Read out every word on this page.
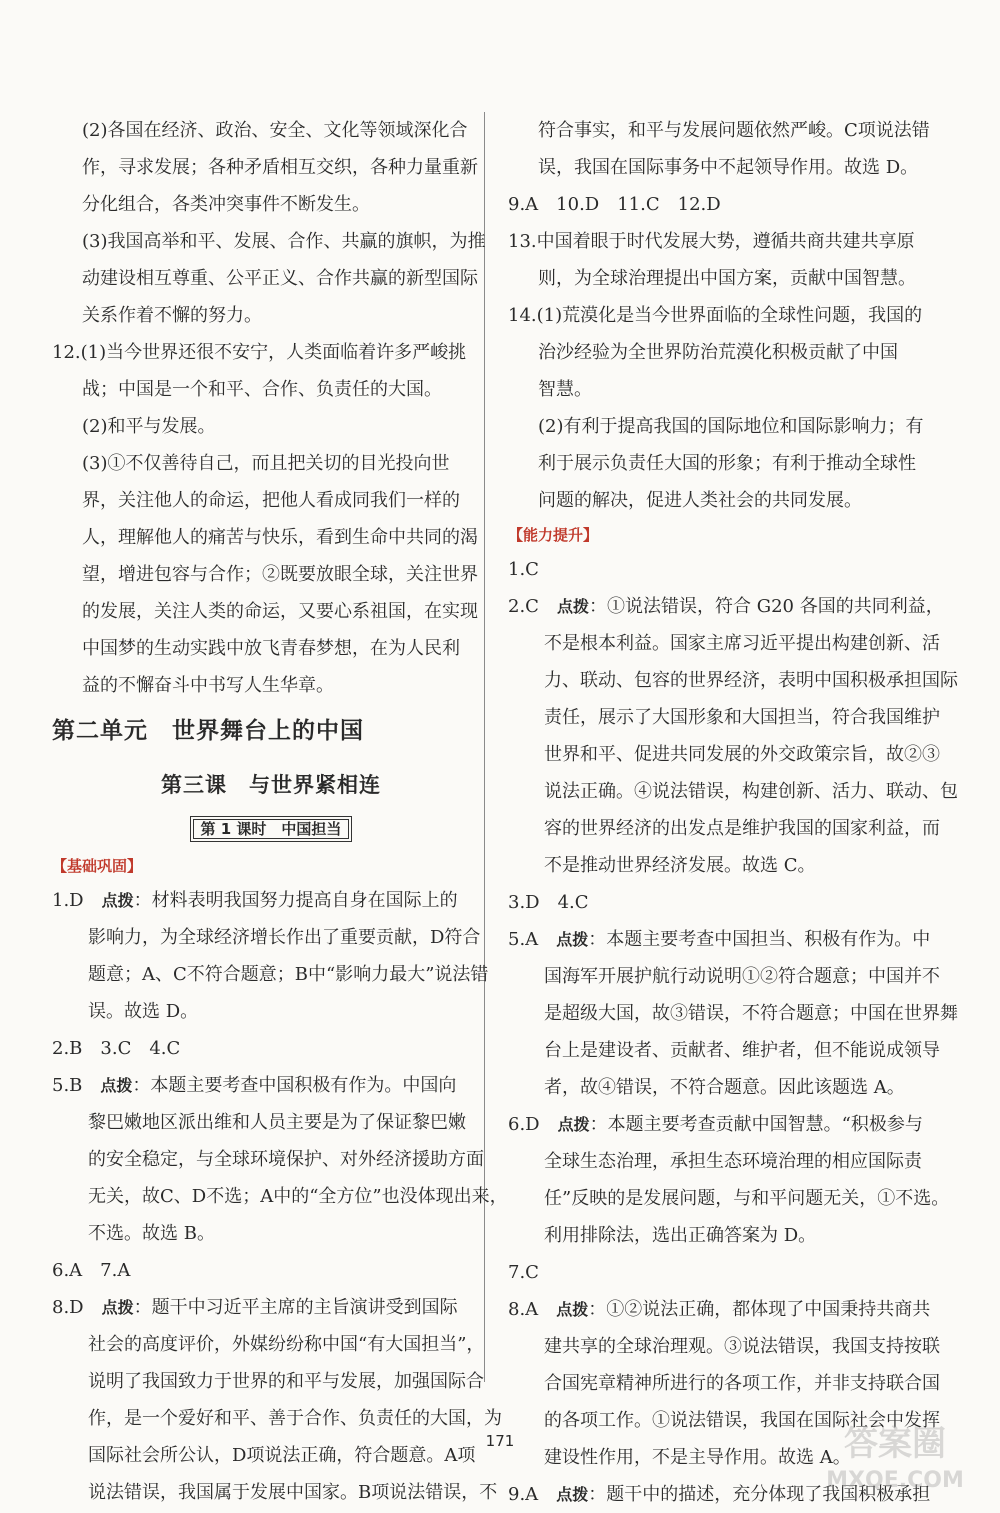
(2)各国在经济、政治、安全、文化等领域深化合
作，寻求发展；各种矛盾相互交织，各种力量重新
分化组合，各类冲突事件不断发生。
(3)我国高举和平、发展、合作、共赢的旗帜，为推
动建设相互尊重、公平正义、合作共赢的新型国际
关系作着不懈的努力。
12.(1)当今世界还很不安宁，人类面临着许多严峻挑
战；中国是一个和平、合作、负责任的大国。
(2)和平与发展。
(3)①不仅善待自己，而且把关切的目光投向世
界，关注他人的命运，把他人看成同我们一样的
人，理解他人的痛苦与快乐，看到生命中共同的渴
望，增进包容与合作；②既要放眼全球，关注世界
的发展，关注人类的命运，又要心系祖国，在实现
中国梦的生动实践中放飞青春梦想，在为人民利
益的不懈奋斗中书写人生华章。
第二单元　世界舞台上的中国
第三课　与世界紧相连
第 1 课时　中国担当
【基础巩固】
1.D　点拨：材料表明我国努力提高自身在国际上的
影响力，为全球经济增长作出了重要贡献，D符合
题意；A、C不符合题意；B中“影响力最大”说法错
误。故选 D。
2.B　3.C　4.C
5.B　点拨：本题主要考查中国积极有作为。中国向
黎巴嫩地区派出维和人员主要是为了保证黎巴嫩
的安全稳定，与全球环境保护、对外经济援助方面
无关，故C、D不选；A中的“全方位”也没体现出来，
不选。故选 B。
6.A　7.A
8.D　点拨：题干中习近平主席的主旨演讲受到国际
社会的高度评价，外媒纷纷称中国“有大国担当”，
说明了我国致力于世界的和平与发展，加强国际合
作，是一个爱好和平、善于合作、负责任的大国，为
国际社会所公认，D项说法正确，符合题意。A项
说法错误，我国属于发展中国家。B项说法错误，不
符合事实，和平与发展问题依然严峻。C项说法错
误，我国在国际事务中不起领导作用。故选 D。
9.A　10.D　11.C　12.D
13.中国着眼于时代发展大势，遵循共商共建共享原
则，为全球治理提出中国方案，贡献中国智慧。
14.(1)荒漠化是当今世界面临的全球性问题，我国的
治沙经验为全世界防治荒漠化积极贡献了中国
智慧。
(2)有利于提高我国的国际地位和国际影响力；有
利于展示负责任大国的形象；有利于推动全球性
问题的解决，促进人类社会的共同发展。
【能力提升】
1.C
2.C　点拨：①说法错误，符合 G20 各国的共同利益，
不是根本利益。国家主席习近平提出构建创新、活
力、联动、包容的世界经济，表明中国积极承担国际
责任，展示了大国形象和大国担当，符合我国维护
世界和平、促进共同发展的外交政策宗旨，故②③
说法正确。④说法错误，构建创新、活力、联动、包
容的世界经济的出发点是维护我国的国家利益，而
不是推动世界经济发展。故选 C。
3.D　4.C
5.A　点拨：本题主要考查中国担当、积极有作为。中
国海军开展护航行动说明①②符合题意；中国并不
是超级大国，故③错误，不符合题意；中国在世界舞
台上是建设者、贡献者、维护者，但不能说成领导
者，故④错误，不符合题意。因此该题选 A。
6.D　点拨：本题主要考查贡献中国智慧。“积极参与
全球生态治理，承担生态环境治理的相应国际责
任”反映的是发展问题，与和平问题无关，①不选。
利用排除法，选出正确答案为 D。
7.C
8.A　点拨：①②说法正确，都体现了中国秉持共商共
建共享的全球治理观。③说法错误，我国支持按联
合国宪章精神所进行的各项工作，并非支持联合国
的各项工作。①说法错误，我国在国际社会中发挥
建设性作用，不是主导作用。故选 A。
9.A　点拨：题干中的描述，充分体现了我国积极承担
171	答案圈
MXQE.COM
